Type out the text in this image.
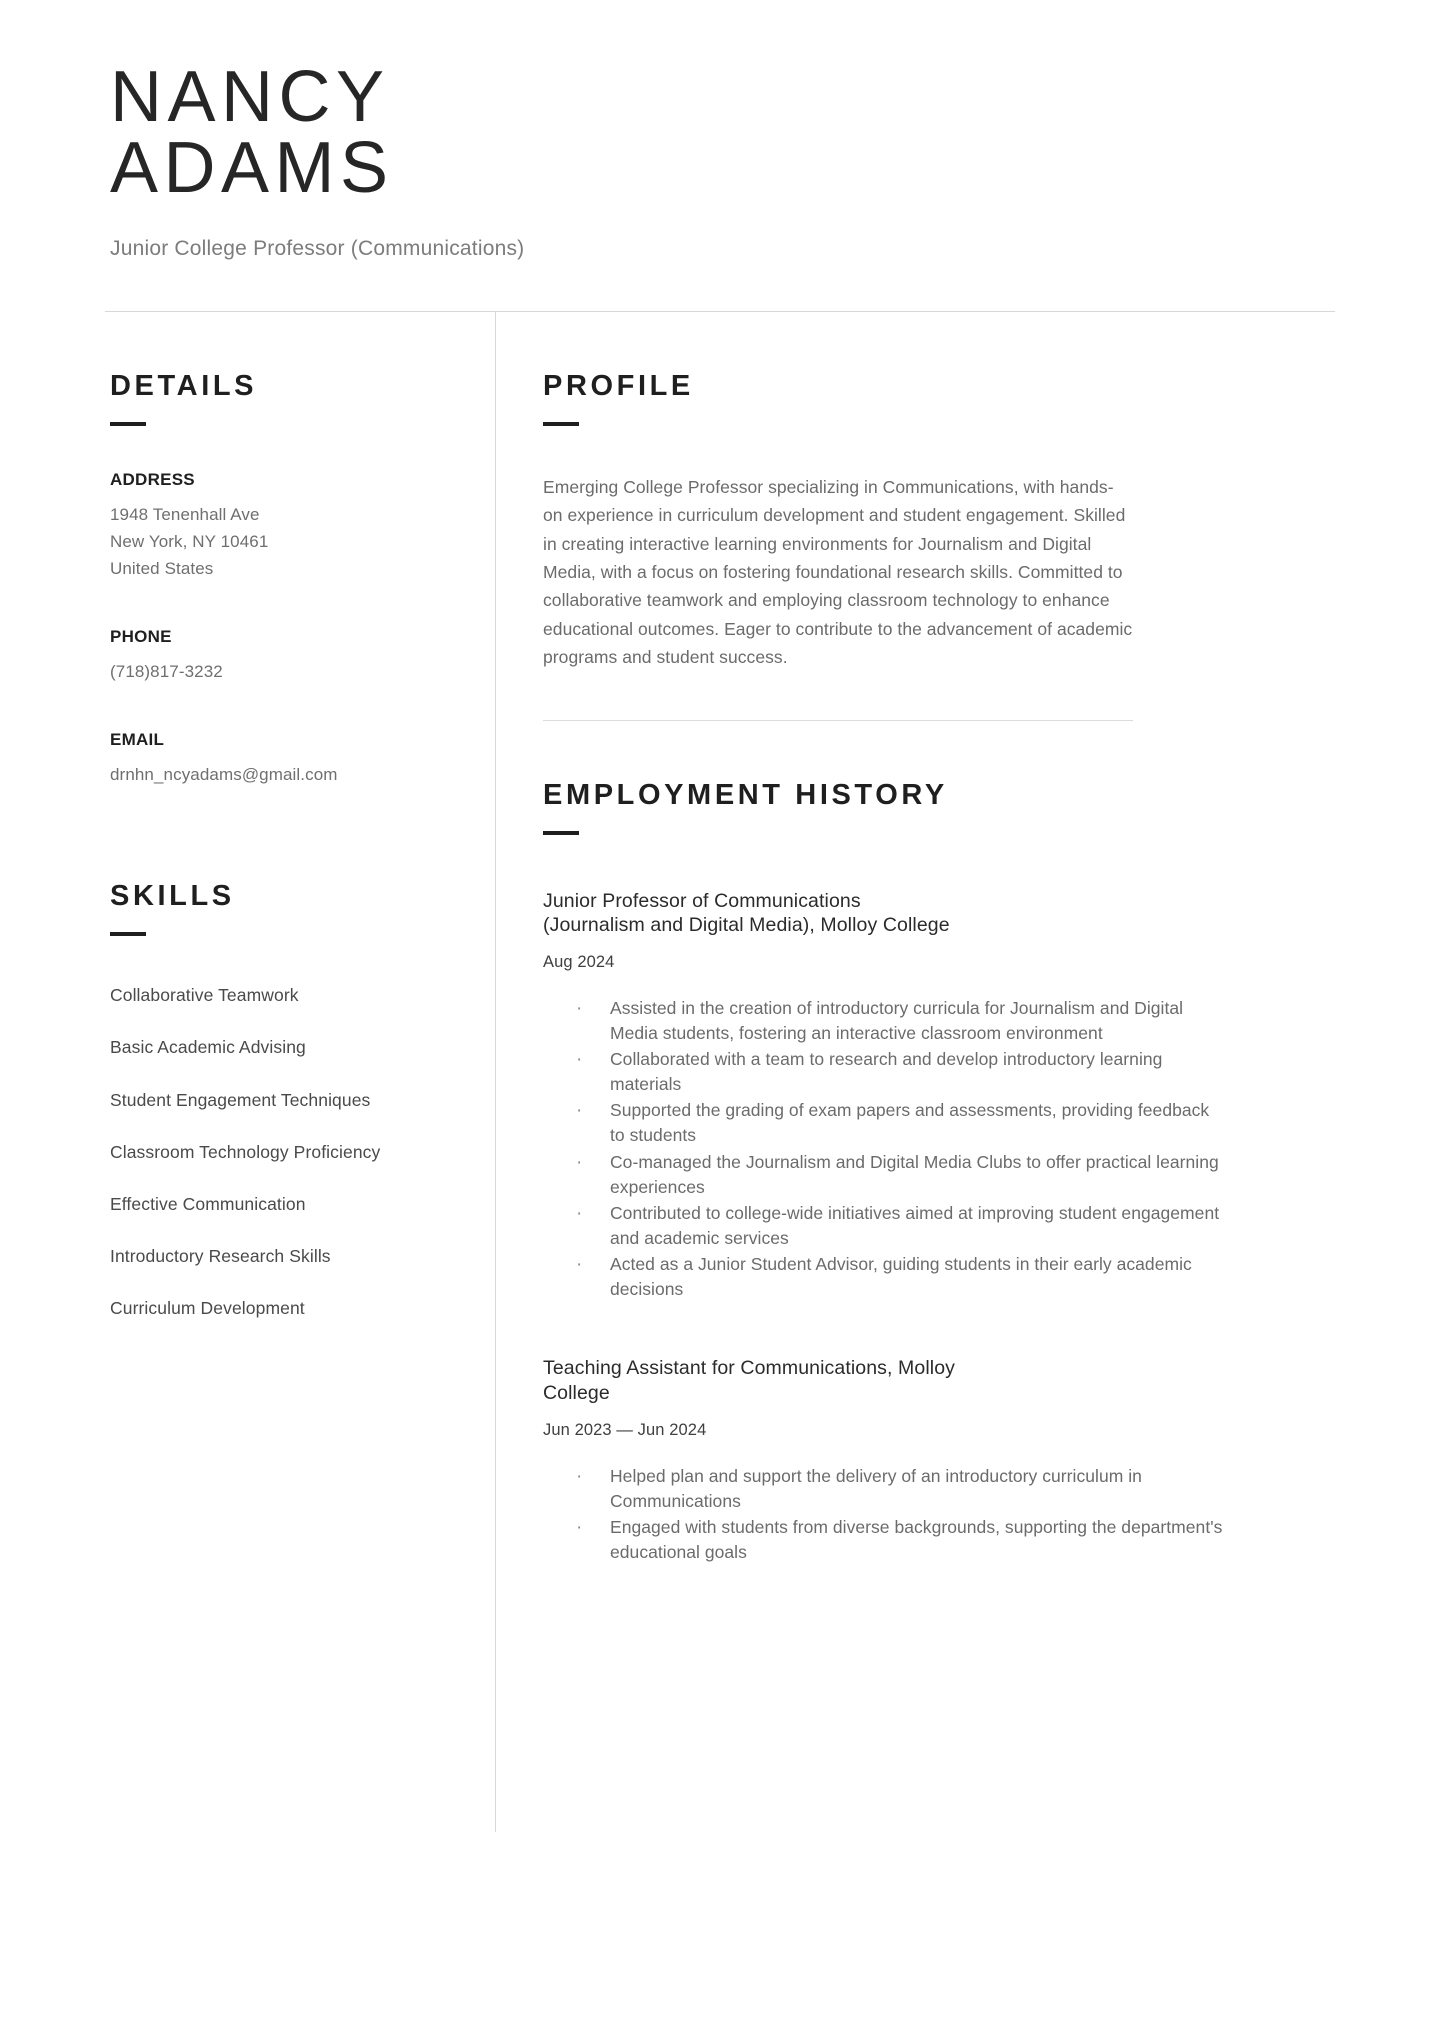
NANCY
ADAMS
Junior College Professor (Communications)
DETAILS
ADDRESS
1948 Tenenhall Ave
New York, NY 10461
United States
PHONE
(718)817-3232
EMAIL
drnhn_ncyadams@gmail.com
SKILLS
Collaborative Teamwork
Basic Academic Advising
Student Engagement Techniques
Classroom Technology Proficiency
Effective Communication
Introductory Research Skills
Curriculum Development
PROFILE

Emerging College Professor specializing in Communications, with hands-on experience in curriculum development and student engagement. Skilled in creating interactive learning environments for Journalism and Digital Media, with a focus on fostering foundational research skills. Committed to collaborative teamwork and employing classroom technology to enhance educational outcomes. Eager to contribute to the advancement of academic programs and student success.

EMPLOYMENT HISTORY
Junior Professor of Communications (Journalism and Digital Media), Molloy College
Aug 2024
· Assisted in the creation of introductory curricula for Journalism and Digital Media students, fostering an interactive classroom environment
· Collaborated with a team to research and develop introductory learning materials
· Supported the grading of exam papers and assessments, providing feedback to students
· Co-managed the Journalism and Digital Media Clubs to offer practical learning experiences
· Contributed to college-wide initiatives aimed at improving student engagement and academic services
· Acted as a Junior Student Advisor, guiding students in their early academic decisions
Teaching Assistant for Communications, Molloy College
Jun 2023 — Jun 2024
· Helped plan and support the delivery of an introductory curriculum in Communications
· Engaged with students from diverse backgrounds, supporting the department's educational goals
